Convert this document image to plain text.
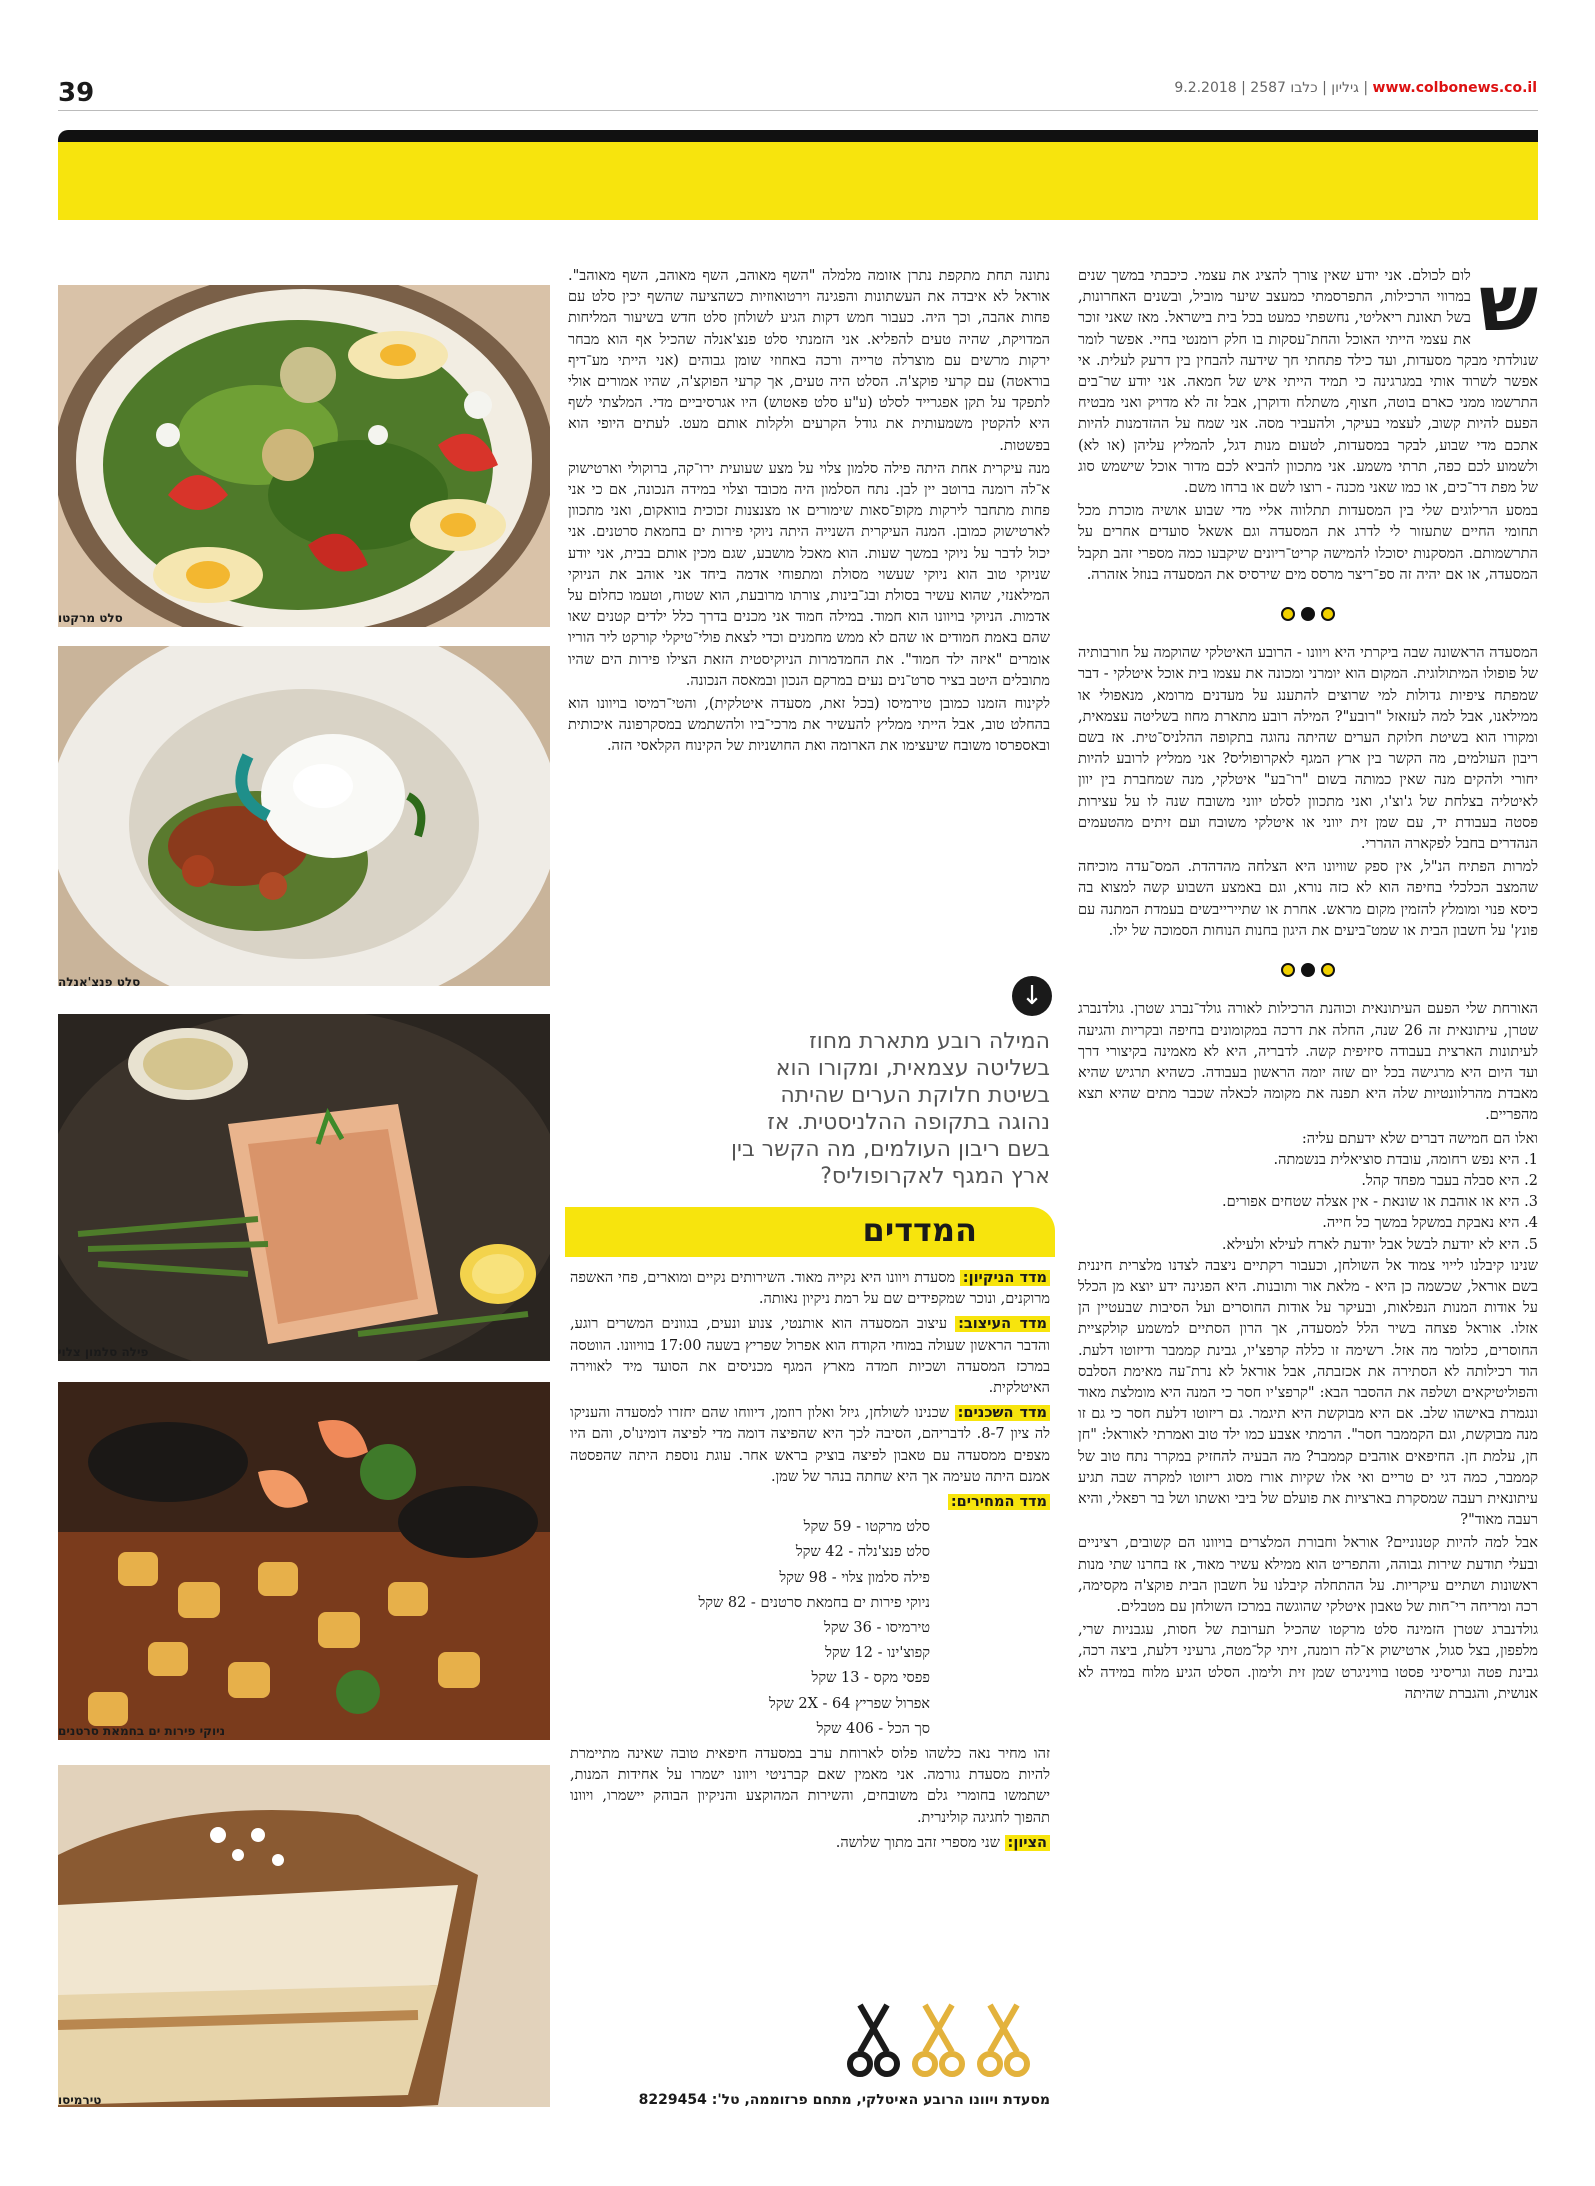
39	9.2.2018 | 2587 גיליון | כלבו | www.colbonews.co.il
סלט מרקטו
סלט פנצ'אנלה
פילה סלמון צלוי
ניוקי פירות ים בחמאת סרטנים
טירמיסו

ש
לום לכולם. אני יודע שאין צורך להציג את עצמי. כיכבתי במשך שנים במרווי הרכילות, התפרסמתי כמעצב שיער מוביל, ובשנים האחרונות, בשל תאונת ריאליטי, נחשפתי כמעט בכל בית בישראל. מאז שאני זוכר את עצמי הייתי האוכל והחת־עסקות בו חלק רומנטי בחיי. אפשר לומר שנולדתי מבקר מסעדות, ועד כילד פתחתי חך שידעה להבחין בין דרעק לעלית. אי אפשר לשרוד אותי במגרגינה כי תמיד הייתי איש של חמאה. אני יודע שר־בים התרשמו ממני כארם בוטה, חצוף, משתלח ודוקרן, אבל זה לא מדויק ואני מבטיח הפעם להיות קשוב, לעצמי בעיקר, ולהעביר מסה. אני שמח על ההזדמנות להיות אתכם מדי שבוע, לבקר במסעדות, לטעום מנות דגל, להמליץ עליהן (או לא) ולשמוע לכם כפה, תרתי משמע. אני מתכוון להביא לכם מדור אוכל שישמש סוג של מפת דר־כים, או כמו שאני מכנה - רוצו לשם או ברחו משם.

במסע הרילוגים שלי בין המסעדות תתלווה אליי מדי שבוע אושיה מוכרת מכל תחומי החיים שתעזור לי לדרג את המסעדה וגם אשאל סועדים אחרים על התרשמותם. המסקנות יסוכלו להמישה קריט־ריונים שיקבעו כמה מספרי זהב תקבל המסעדה, או אם יהיה זה ספ־ריצר מרסס מים שירסיס את המסעדה בנוזל אזהרה.

המסעדה הראשונה שבה ביקרתי היא ויוונו - הרובע האיטלקי שהוקמה על חורבותיה של פופולו המיתולוגית. המקום הוא יומרני ומכונה את עצמו בית אוכל איטלקי - דבר שמפתח ציפיות גדולות למי שרוצים להתענג על מעדנים מרומא, מנאפולי או ממילאנו, אבל למה לעזאזל "רובע"? המילה רובע מתארת מחוז בשליטה עצמאית, ומקורו הוא בשיטת חלוקת הערים שהיתה נהוגה בתקופה ההלניס־טית. אז בשם ריבון העולמים, מה הקשר בין ארץ המגף לאקרופוליס? אני ממליץ לרובע להיות יחורי ולהקים מנה שאין כמותה בשום "רו־בע" איטלקי, מנה שמחברת בין יוון לאיטליה בצלחת של ג'וצ'ו, ואני מתכוון לסלט יווני משובח שנה לו על עצירות פסטה בעבודת יד, עם שמן זית יווני או איטלקי משובח ועם זיתים מהטעמים הנהדרים בחבל לפקארה ההררי.

למרות הפתיח הנ"ל, אין ספק שוויונו היא הצלחה מהדהדת. המס־עדה מוכיחה שהמצב הכלכלי בחיפה הוא לא כזה נורא, וגם באמצע השבוע קשה למצוא בה כיסא פנוי ומומלץ להזמין מקום מראש. אחרת או שתיירייבשים בעמדת המתנה עם פונץ' על חשבון הבית או שמט־ביעים את היגון בחנות הנוחות הסמוכה של ילו.

האורחת שלי הפעם העיתונאית וכוהנת הרכילות לאורה גולד־נברג שטרן. גולדנברג שטרן, עיתונאית זה 26 שנה, החלה את דרכה במקומונים בחיפה ובקריות והגיעה לעיתונות הארצית בעבודה סיזיפית קשה. לדבריה, היא לא מאמינה בקיצורי דרך ועד היום היא מרגישה בכל יום שזה יומה הראשון בעבודה. כשהיא תרגיש שהיא מאבדת מהרלוונטיות שלה היא תפנה את מקומה לכאלה שכבר מתים שהיא תצא מהפריים.

ואלו הם חמישה דברים שלא ידעתם עליה:

1. היא נפש רחומה, עובדת סוציאלית בנשמתה.

2. היא סבלה בעבר מפחד קהל.

3. היא או אוהבת או שונאת - אין אצלה שטחים אפורים.

4. היא נאבקת במשקל במשך כל חייה.

5. היא לא יודעת לבשל אבל יודעת לארח לעילא ולעילא.

שנינו קיבלנו לייוי צמוד אל השולחן, וכעבור רקתיים ניצבה לצדנו מלצרית חיננית בשם אוראל, שכשמה כן היא - מלאת אור ותובנות. היא הפגינה ידע יוצא מן הכלל על אודות המנות הנפלאות, ובעיקר על אודות החוסרים ועל הסיבות שבעטיין הן אזלו. אוראל פצחה בשיר הלל למסעדה, אך הרון הסתיים למשמע קולקציית החוסרים, כלומר מה אזל. רשימה זו כללה קרפצ'יו, גבינת קממבר ודיזוטו דלעת. הוד רכילותה לא הסתירה את אכזבתה, אבל אוראל לא נרת־עה מאימת הסלבס והפוליטיקאים ושלפה את ההסבר הבא: "קרפצ'יו חסר כי המנה היא מומלצת מאוד ונגמרת באישהו שלב. אם היא מבוקשת היא תיגמר. גם ריזוטו דלעת חסר כי גם זו מנה מבוקשת, וגם הקממבר חסר". הרמתי אצבע כמו ילד טוב ואמרתי לאוראל: "חן חן, עלמת חן. החיפאים אוהבים קממבר? מה הבעיה להחזיק במקרר נתח טוב של קממבר, כמה דגי ים טריים ואי אלו שקיות אורז מסוג ריזוטו למקרה שבה תגיע עיתונאית רעבה שמסקרת בארציות את פועלם של ביבי ואשתו ושל בר רפאלי, והיא רעבה מאוד"?

אבל למה להיות קטנוניים? אוראל וחבורת המלצרים בויוונו הם קשובים, רציניים ובעלי תודעת שירות גבוהה, והתפריט הוא ממילא עשיר מאוד, אז בחרנו שתי מנות ראשונות ושתיים עיקריות. על ההתחלה קיבלנו על חשבון הבית פוקצ'ה מקסימה, רכה ומריחה רי־חות של טאבון איטלקי שהוגשה במרכז השולחן עם מטבלים.

גולדנברג שטרן הזמינה סלט מרקטו שהכיל תערובת של חסות, עגבניות שרי, מלפפון, בצל סגול, ארטישוק א־לה רומנה, זיתי קל־מטה, גרעיני דלעת, ביצה רכה, גבינת פטה וגריסיני פסטו בוויניגרט שמן זית ולימון. הסלט הגיע מלוח במידה לא אנושית, והגברת שהיתה

נתונה תחת מתקפת נתרן אזומה מלמלה "השף מאוהב, השף מאוהב, השף מאוהב". אוראל לא איבדה את העשתונות והפגינה וירטואוזיות כשהציעה שהשף יכין סלט עם פחות אהבה, וכך היה. כעבור חמש דקות הגיע לשולחן סלט חדש בשיעור המליחות המדויקת, שהיה טעים להפליא. אני הזמנתי סלט פנצ'אנלה שהכיל אף הוא מבחר ירקות מרשים עם מוצרלה טרייה ורכה באחוזי שומן גבוהים (אני הייתי מע־דיף בוראטה) עם קרעי פוקצ'ה. הסלט היה טעים, אך קרעי הפוקצ'ה, שהיו אמורים אולי לתפקד על תקן אפגרייד לסלט (ע"ע סלט פאטוש) היו אגרסיביים מדי. המלצתי לשף היא להקטין משמעותית את גודל הקרעים ולקלות אותם מעט. לעתים היופי הוא בפשטות.

מנה עיקרית אחת היתה פילה סלמון צלוי על מצע שעועית ירו־קה, ברוקולי וארטישוק א־לה רומנה ברוטב יין לבן. נתח הסלמון היה מכובד וצלוי במידה הנכונה, אם כי אני פחות מתחבר לירקות מקופ־סאות שימורים או מצנצנות זכוכית בוואקום, ואני מתכוון לארטישוק כמובן. המנה העיקרית השנייה היתה ניוקי פירות ים בחמאת סרטנים. אני יכול לדבר על ניוקי במשך שעות. הוא מאכל מושבע, שגם מכין אותם בבית, אני יודע שניוקי טוב הוא ניוקי שעשוי מסולת ומתפוחי אדמה ביחד אני אוהב את הניוקי המילאנזי, שהוא עשיר בסולת ובג־בינות, צורתו מרובעת, הוא שטוח, וטעמו כחלום על אדמות. הניוקי בויוונו הוא חמוד. במילה חמוד אני מכנים בדרך כלל ילדים קטנים שאו שהם באמת חמודים או שהם לא ממש מחמנים וכדי לצאת פולי־טיקלי קורקט ליר הוריו אומרים "איזה ילד חמוד". את החמדמרות הניוקיסטית הזאת הצילו פירות הים שהיו מתובלים היטב בציר סרט־נים נעים במרקם הנכון ובמאסה הנכונה.

לקינוח הזמנו כמובן טירמיסו (בכל זאת, מסעדה איטלקית), והטי־רמיסו בויוונו הוא בהחלט טוב, אבל הייתי ממליץ להעשיר את מרכי־ביו ולהשתמש במסקרפונה איכותית ובאספרסו משובח שיעצימו את הארומה ואת החושניות של הקינוח הקלאסי הזה.

↓
המילה רובע מתארת מחוז בשליטה עצמאית, ומקורו הוא בשיטת חלוקת הערים שהיתה נהוגה בתקופה ההלניסטית. אז בשם ריבון העולמים, מה הקשר בין ארץ המגף לאקרופוליס?
המדדים

מדד הניקיון: מסעדת ויוונו היא נקייה מאוד. השירותים נקיים ומוארים, פחי האשפה מרוקנים, ונוכר שמקפידים שם על רמת ניקיון נאותה.

מדד העיצוב: עיצוב המסעדה הוא אותנטי, צנוע ונעים, בגוונים המשרים רוגע, והדבר הראשון שעולה במוחי הקודח הוא אפרול שפריץ בשעה 17:00 בוויוונו. הווטסה במרכז המסעדה ושכיות חמדה מארץ המגף מכניסים את הסועד מיד לאווירה האיטלקית.

מדד השכנים: שכנינו לשולחן, גיזל ואלון רוזמן, דיווחו שהם יחזרו למסעדה והעניקו לה ציון 8-7. לדבריהם, הסיבה לכך היא שהפיצה דומה מדי לפיצה דומינו'ס, והם היו מצפים ממסעדה עם טאבון לפיצה בוציק בראש אחר. עוגת נוספת היתה שהפסטה אמנם היתה טעימה אך היא שחתה בנהר של שמן.

מדד המחירים:

סלט מרקטו - 59 שקל

סלט פנצ'נלה - 42 שקל

פילה סלמון צלוי - 98 שקל

ניוקי פירות ים בחמאת סרטנים - 82 שקל

טירמיסו - 36 שקל

קפוצ'ינו - 12 שקל

פפסי מקס - 13 שקל

אפרול שפריץ 2X - 64 שקל

סך הכל - 406 שקל

זהו מחיר נאה כלשהו פלוס לארוחת ערב במסעדה חיפאית טובה שאינה מתיימרת להיות מסעדת גורמה. אני מאמין שאם קברניטי ויוונו ישמרו על אחידות המנות, ישתמשו בחומרי גלם משובחים, והשירות המהוקצע והניקיון הבוהק יישמרו, ויוונו תהפוך לחגיגה קולינרית.

הציון: שני מספרי זהב מתוך שלושה.

מסעדת ויוונו הרובע האיטלקי, מתחם פרזוממה, טל': 8229454
